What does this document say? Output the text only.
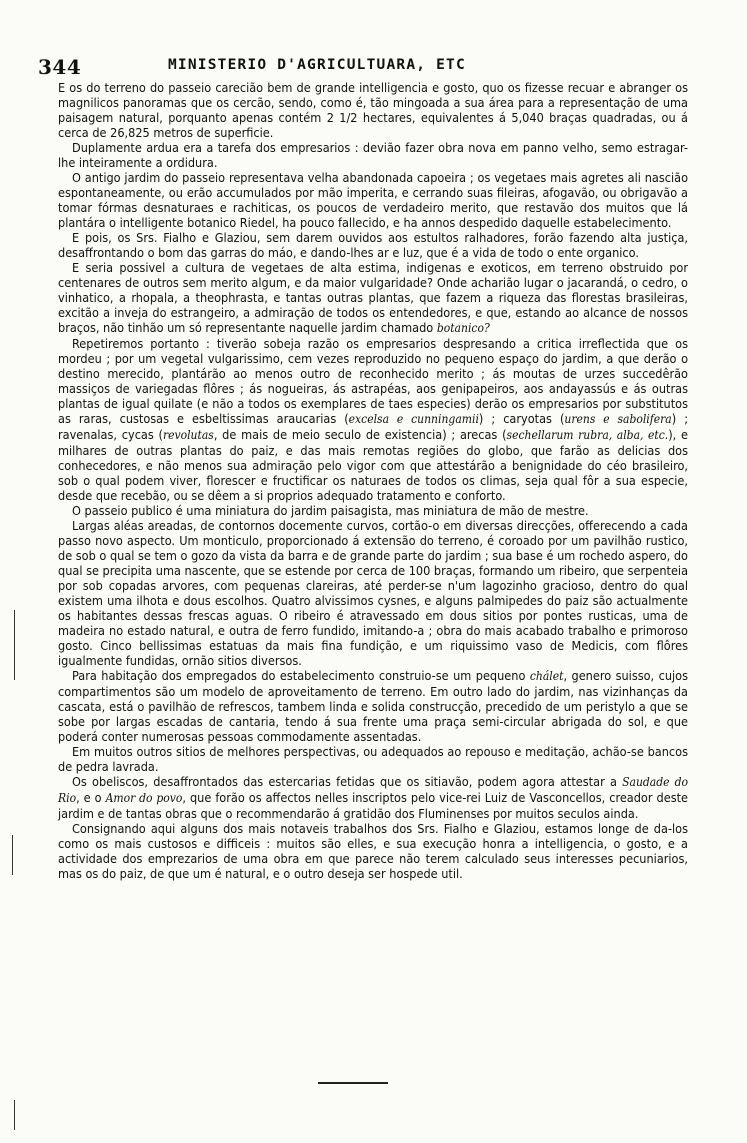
344	MINISTERIO D'AGRICULTUARA, ETC

E os do terreno do passeio carecião bem de grande intelligencia e gosto, quo os fizesse recuar e abranger os magnilicos panoramas que os cercão, sendo, como é, tão mingoada a sua área para a representação de uma paisagem natural, porquanto apenas contém 2 1/2 hectares, equivalentes á 5,040 braças quadradas, ou á cerca de 26,825 metros de superficie.

Duplamente ardua era a tarefa dos empresarios : devião fazer obra nova em panno velho, semo estragar-lhe inteiramente a ordidura.

O antigo jardim do passeio representava velha abandonada capoeira ; os vegetaes mais agretes ali nascião espontaneamente, ou erão accumulados por mão imperita, e cerrando suas fileiras, afogavão, ou obrigavão a tomar fórmas desnaturaes e rachiticas, os poucos de verdadeiro merito, que restavão dos muitos que lá plantára o intelligente botanico Riedel, ha pouco fallecido, e ha annos despedido daquelle estabelecimento.

E pois, os Srs. Fialho e Glaziou, sem darem ouvidos aos estultos ralhadores, forão fazendo alta justiça, desaffrontando o bom das garras do máo, e dando-lhes ar e luz, que é a vida de todo o ente organico.

E seria possivel a cultura de vegetaes de alta estima, indigenas e exoticos, em terreno obstruido por centenares de outros sem merito algum, e da maior vulgaridade? Onde acharião lugar o jacarandá, o cedro, o vinhatico, a rhopala, a theophrasta, e tantas outras plantas, que fazem a riqueza das florestas brasileiras, excitão a inveja do estrangeiro, a admiração de todos os entendedores, e que, estando ao alcance de nossos braços, não tinhão um só representante naquelle jardim chamado botanico?

Repetiremos portanto : tiverão sobeja razão os empresarios despresando a critica irreflectida que os mordeu ; por um vegetal vulgarissimo, cem vezes reproduzido no pequeno espaço do jardim, a que derão o destino merecido, plantárão ao menos outro de reconhecido merito ; ás moutas de urzes succedêrão massiços de variegadas flôres ; ás nogueiras, ás astrapéas, aos genipapeiros, aos andayassús e ás outras plantas de igual quilate (e não a todos os exemplares de taes especies) derão os empresarios por substitutos as raras, custosas e esbeltissimas araucarias (excelsa e cunningamii) ; caryotas (urens e sabolifera) ; ravenalas, cycas (revolutas, de mais de meio seculo de existencia) ; arecas (sechellarum rubra, alba, etc.), e milhares de outras plantas do paiz, e das mais remotas regiões do globo, que farão as delicias dos conhecedores, e não menos sua admiração pelo vigor com que attestárão a benignidade do céo brasileiro, sob o qual podem viver, florescer e fructificar os naturaes de todos os climas, seja qual fôr a sua especie, desde que recebão, ou se dêem a si proprios adequado tratamento e conforto.

O passeio publico é uma miniatura do jardim paisagista, mas miniatura de mão de mestre.

Largas aléas areadas, de contornos docemente curvos, cortão-o em diversas direcções, offerecendo a cada passo novo aspecto. Um monticulo, proporcionado á extensão do terreno, é coroado por um pavilhão rustico, de sob o qual se tem o gozo da vista da barra e de grande parte do jardim ; sua base é um rochedo aspero, do qual se precipita uma nascente, que se estende por cerca de 100 braças, formando um ribeiro, que serpenteia por sob copadas arvores, com pequenas clareiras, até perder-se n'um lagozinho gracioso, dentro do qual existem uma ilhota e dous escolhos. Quatro alvissimos cysnes, e alguns palmipedes do paiz são actualmente os habitantes dessas frescas aguas. O ribeiro é atravessado em dous sitios por pontes rusticas, uma de madeira no estado natural, e outra de ferro fundido, imitando-a ; obra do mais acabado trabalho e primoroso gosto. Cinco bellissimas estatuas da mais fina fundição, e um riquissimo vaso de Medicis, com flôres igualmente fundidas, ornão sitios diversos.

Para habitação dos empregados do estabelecimento construio-se um pequeno chálet, genero suisso, cujos compartimentos são um modelo de aproveitamento de terreno. Em outro lado do jardim, nas vizinhanças da cascata, está o pavilhão de refrescos, tambem linda e solida construcção, precedido de um peristylo a que se sobe por largas escadas de cantaria, tendo á sua frente uma praça semi-circular abrigada do sol, e que poderá conter numerosas pessoas commodamente assentadas.

Em muitos outros sitios de melhores perspectivas, ou adequados ao repouso e meditação, achão-se bancos de pedra lavrada.

Os obeliscos, desaffrontados das estercarias fetidas que os sitiavão, podem agora attestar a Saudade do Rio, e o Amor do povo, que forão os affectos nelles inscriptos pelo vice-rei Luiz de Vasconcellos, creador deste jardim e de tantas obras que o recommendarão á gratidão dos Fluminenses por muitos seculos ainda.

Consignando aqui alguns dos mais notaveis trabalhos dos Srs. Fialho e Glaziou, estamos longe de da-los como os mais custosos e difficeis : muitos são elles, e sua execução honra a intelligencia, o gosto, e a actividade dos emprezarios de uma obra em que parece não terem calculado seus interesses pecuniarios, mas os do paiz, de que um é natural, e o outro deseja ser hospede util.
